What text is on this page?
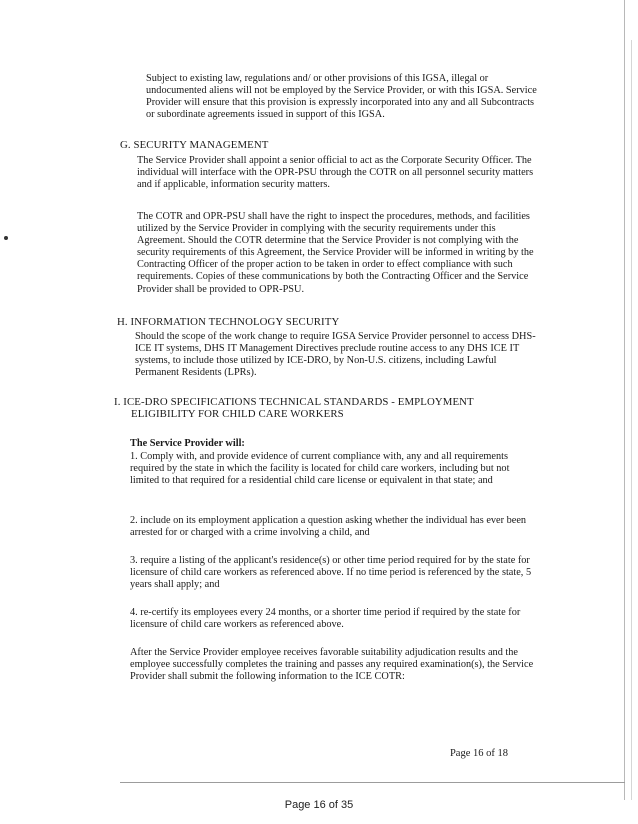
Subject to existing law, regulations and/ or other provisions of this IGSA, illegal or undocumented aliens will not be employed by the Service Provider, or with this IGSA. Service Provider will ensure that this provision is expressly incorporated into any and all Subcontracts or subordinate agreements issued in support of this IGSA.

G. SECURITY MANAGEMENT

The Service Provider shall appoint a senior official to act as the Corporate Security Officer. The individual will interface with the OPR-PSU through the COTR on all personnel security matters and if applicable, information security matters.

The COTR and OPR-PSU shall have the right to inspect the procedures, methods, and facilities utilized by the Service Provider in complying with the security requirements under this Agreement. Should the COTR determine that the Service Provider is not complying with the security requirements of this Agreement, the Service Provider will be informed in writing by the Contracting Officer of the proper action to be taken in order to effect compliance with such requirements. Copies of these communications by both the Contracting Officer and the Service Provider shall be provided to OPR-PSU.

H. INFORMATION TECHNOLOGY SECURITY

Should the scope of the work change to require IGSA Service Provider personnel to access DHS-ICE IT systems, DHS IT Management Directives preclude routine access to any DHS ICE IT systems, to include those utilized by ICE-DRO, by Non-U.S. citizens, including Lawful Permanent Residents (LPRs).

I. ICE-DRO SPECIFICATIONS TECHNICAL STANDARDS - EMPLOYMENT
ELIGIBILITY FOR CHILD CARE WORKERS
The Service Provider will:

1. Comply with, and provide evidence of current compliance with, any and all requirements required by the state in which the facility is located for child care workers, including but not limited to that required for a residential child care license or equivalent in that state; and

2. include on its employment application a question asking whether the individual has ever been arrested for or charged with a crime involving a child, and

3. require a listing of the applicant's residence(s) or other time period required for by the state for licensure of child care workers as referenced above. If no time period is referenced by the state, 5 years shall apply; and

4. re-certify its employees every 24 months, or a shorter time period if required by the state for licensure of child care workers as referenced above.

After the Service Provider employee receives favorable suitability adjudication results and the employee successfully completes the training and passes any required examination(s), the Service Provider shall submit the following information to the ICE COTR:

Page 16 of 18
Page 16 of 35
